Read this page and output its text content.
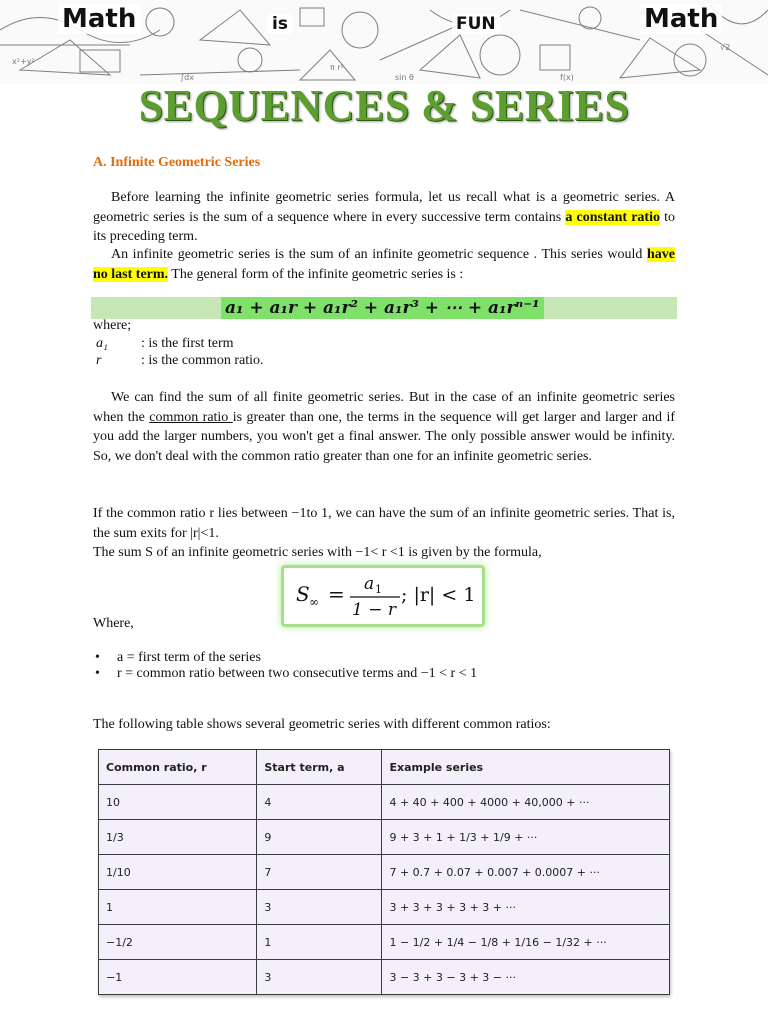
x²+y²
∫dx
π r²
sin θ	f(x)
√2
Math	is	FUN	Math
SEQUENCES & SERIES
A. Infinite Geometric Series
Before learning the infinite geometric series formula, let us recall what is a geometric series. A geometric series is the sum of a sequence where in every successive term contains a constant ratio to its preceding term.
An infinite geometric series is the sum of an infinite geometric sequence . This series would have no last term. The general form of the infinite geometric series is :
a₁ + a₁r + a₁r² + a₁r³ + ⋯ + a₁rⁿ⁻¹
where;
a₁ : is the first term
r	: is the common ratio.
We can find the sum of all finite geometric series. But in the case of an infinite geometric series when the common ratio is greater than one, the terms in the sequence will get larger and larger and if you add the larger numbers, you won't get a final answer. The only possible answer would be infinity. So, we don't deal with the common ratio greater than one for an infinite geometric series.
If the common ratio r lies between −1to 1, we can have the sum of an infinite geometric series. That is, the sum exits for |r|<1.
The sum S of an infinite geometric series with −1< r <1 is given by the formula,
S ∞ = a 1
1 − r
; |r| < 1
Where,
• a = first term of the series
• r = common ratio between two consecutive terms and −1 < r < 1
The following table shows several geometric series with different common ratios:
Common ratio, r	Start term, a	Example series
10	4	4 + 40 + 400 + 4000 + 40,000 + ···
1/3	9	9 + 3 + 1 + 1/3 + 1/9 + ···
1/10	7	7 + 0.7 + 0.07 + 0.007 + 0.0007 + ···
1	3	3 + 3 + 3 + 3 + 3 + ···
−1/2	1	1 − 1/2 + 1/4 − 1/8 + 1/16 − 1/32 + ···
−1	3	3 − 3 + 3 − 3 + 3 − ···
